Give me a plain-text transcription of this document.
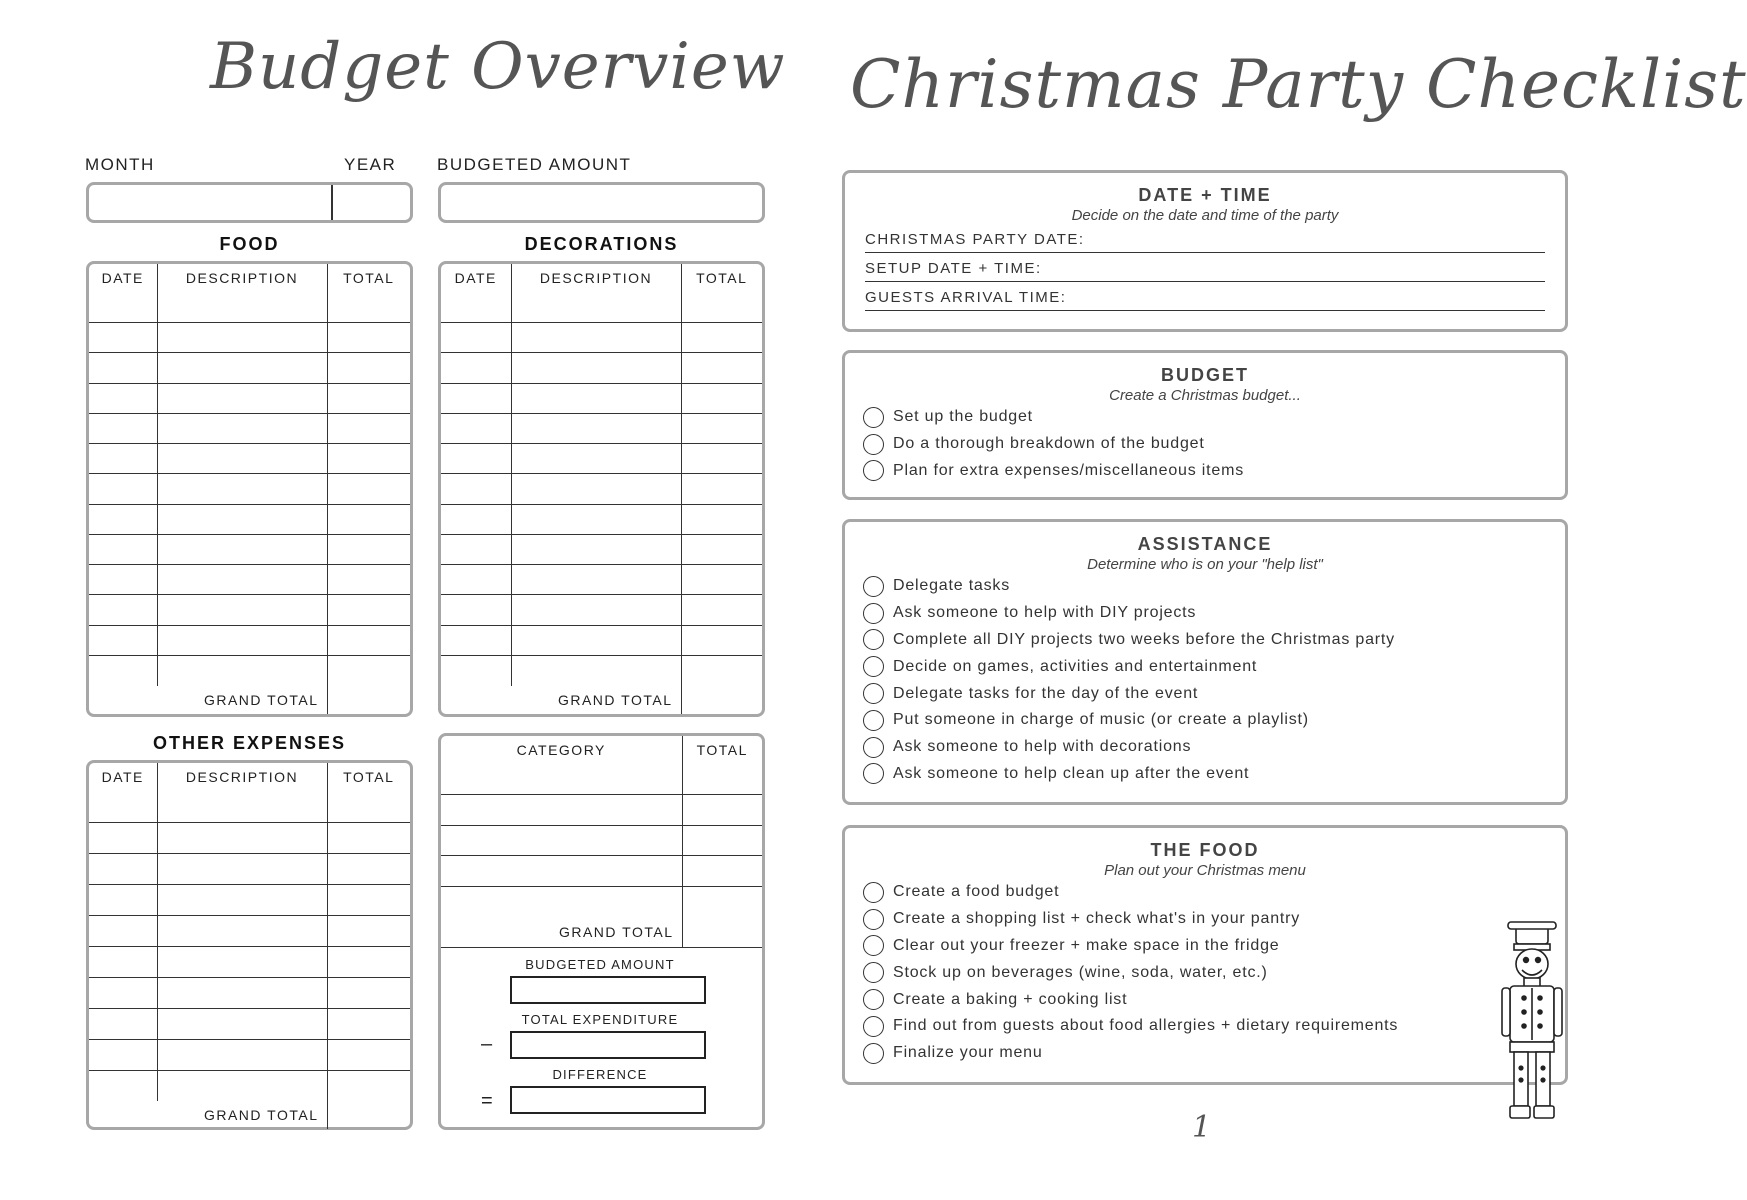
Budget Overview
MONTH	YEAR BUDGETED AMOUNT
FOOD
DATE	DESCRIPTION	TOTAL

GRAND TOTAL		
DECORATIONS
DATE	DESCRIPTION	TOTAL

GRAND TOTAL		
OTHER EXPENSES
DATE	DESCRIPTION	TOTAL

GRAND TOTAL		
CATEGORY	TOTAL

GRAND TOTAL	
BUDGETED AMOUNT
TOTAL EXPENDITURE
–
DIFFERENCE
=
Christmas Party Checklist
DATE + TIME
Decide on the date and time of the party
CHRISTMAS PARTY DATE:
SETUP DATE + TIME:
GUESTS ARRIVAL TIME:
BUDGET
Create a Christmas budget...
Set up the budget
Do a thorough breakdown of the budget
Plan for extra expenses/miscellaneous items
ASSISTANCE
Determine who is on your "help list"
Delegate tasks
Ask someone to help with DIY projects
Complete all DIY projects two weeks before the Christmas party
Decide on games, activities and entertainment
Delegate tasks for the day of the event
Put someone in charge of music (or create a playlist)
Ask someone to help with decorations
Ask someone to help clean up after the event
THE FOOD
Plan out your Christmas menu
Create a food budget
Create a shopping list + check what's in your pantry
Clear out your freezer + make space in the fridge
Stock up on beverages (wine, soda, water, etc.)
Create a baking + cooking list
Find out from guests about food allergies + dietary requirements
Finalize your menu
1
